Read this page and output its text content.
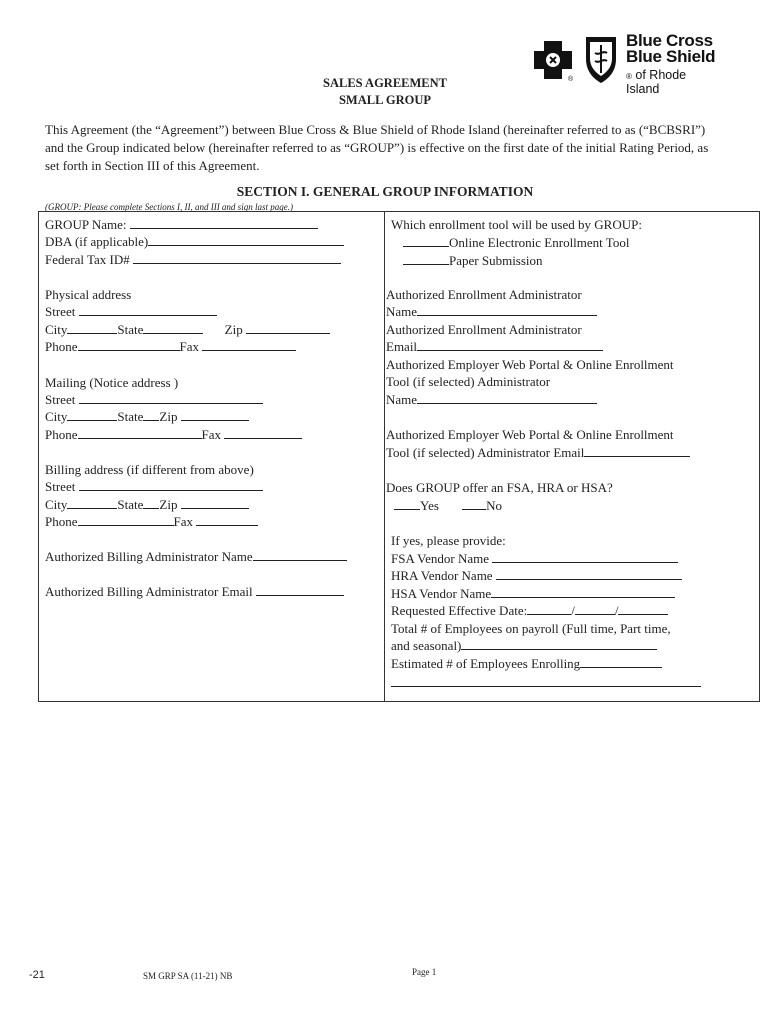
®
Blue Cross
Blue Shield
® of Rhode Island
SALES AGREEMENT
SMALL GROUP
This Agreement (the “Agreement”) between Blue Cross & Blue Shield of Rhode Island (hereinafter referred to as (“BCBSRI”) and the Group indicated below (hereinafter referred to as “GROUP”) is effective on the first date of the initial Rating Period, as set forth in Section III of this Agreement.
SECTION I. GENERAL GROUP INFORMATION
(GROUP: Please complete Sections I, II, and III and sign last page.)
GROUP Name:
DBA (if applicable)
Federal Tax ID#
Physical address
Street
City	State	Zip
Phone	Fax
Mailing (Notice address )
Street
City	State Zip
Phone	Fax
Billing address (if different from above)
Street
City	State Zip
Phone	Fax
Authorized Billing Administrator Name
Authorized Billing Administrator Email
Which enrollment tool will be used by GROUP:
Online Electronic Enrollment Tool
Paper Submission
Authorized Enrollment Administrator
Name
Authorized Enrollment Administrator
Email
Authorized Employer Web Portal & Online Enrollment
Tool (if selected) Administrator
Name
Authorized Employer Web Portal & Online Enrollment
Tool (if selected) Administrator Email
Does GROUP offer an FSA, HRA or HSA?
Yes	No
If yes, please provide:
FSA Vendor Name
HRA Vendor Name
HSA Vendor Name
Requested Effective Date:	/	/
Total # of Employees on payroll (Full time, Part time,
and seasonal)
Estimated # of Employees Enrolling
-21	SM GRP SA (11-21) NB	Page 1
